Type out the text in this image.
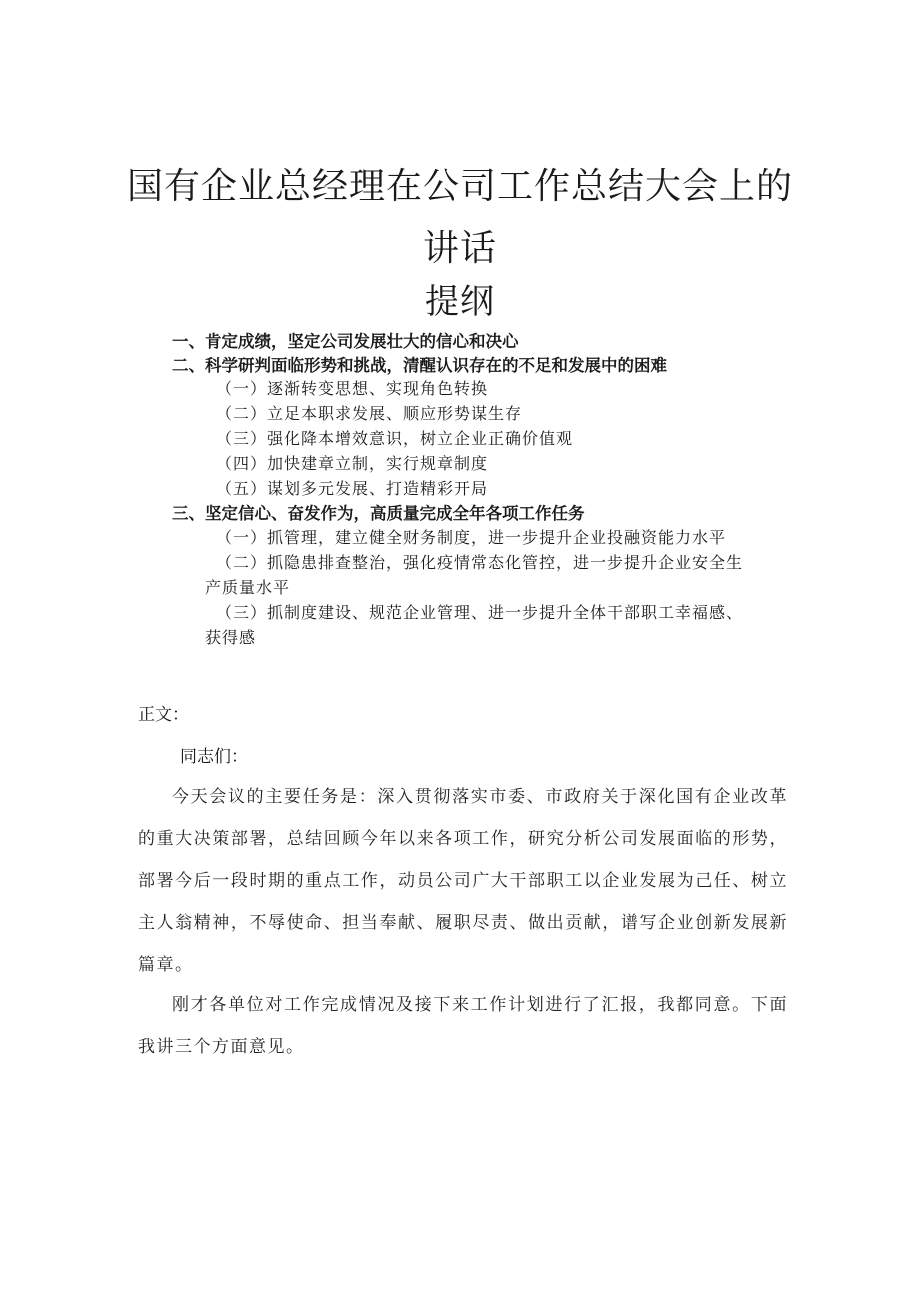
国有企业总经理在公司工作总结大会上的
讲话
提纲
一、肯定成绩，坚定公司发展壮大的信心和决心
二、科学研判面临形势和挑战，清醒认识存在的不足和发展中的困难
（一）逐渐转变思想、实现角色转换
（二）立足本职求发展、顺应形势谋生存
（三）强化降本增效意识，树立企业正确价值观
（四）加快建章立制，实行规章制度
（五）谋划多元发展、打造精彩开局
三、坚定信心、奋发作为，高质量完成全年各项工作任务
（一）抓管理，建立健全财务制度，进一步提升企业投融资能力水平
（二）抓隐患排查整治，强化疫情常态化管控，进一步提升企业安全生
产质量水平
（三）抓制度建设、规范企业管理、进一步提升全体干部职工幸福感、
获得感
正文：
同志们：

今天会议的主要任务是：深入贯彻落实市委、市政府关于深化国有企业改革的重大决策部署，总结回顾今年以来各项工作，研究分析公司发展面临的形势，部署今后一段时期的重点工作，动员公司广大干部职工以企业发展为己任、树立主人翁精神，不辱使命、担当奉献、履职尽责、做出贡献，谱写企业创新发展新篇章。

刚才各单位对工作完成情况及接下来工作计划进行了汇报，我都同意。下面我讲三个方面意见。
